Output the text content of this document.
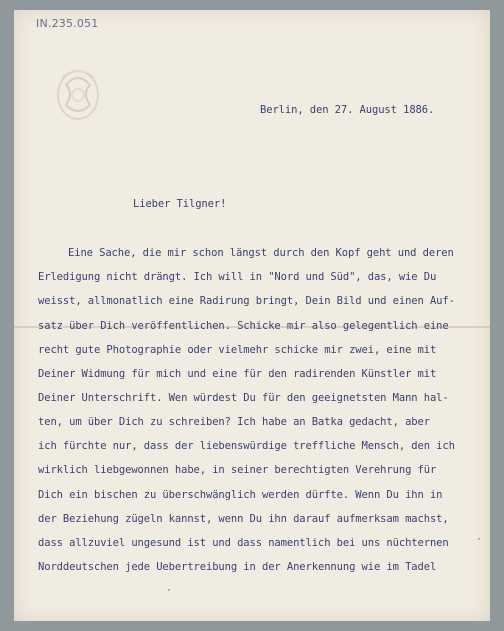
IN.235.051
Berlin, den 27. August 1886.
Lieber Tilgner!
Eine Sache, die mir schon längst durch den Kopf geht und deren
Erledigung nicht drängt. Ich will in "Nord und Süd", das, wie Du
weisst, allmonatlich eine Radirung bringt, Dein Bild und einen Auf-
satz über Dich veröffentlichen. Schicke mir also gelegentlich eine
recht gute Photographie oder vielmehr schicke mir zwei, eine mit
Deiner Widmung für mich und eine für den radirenden Künstler mit
Deiner Unterschrift. Wen würdest Du für den geeignetsten Mann hal-
ten, um über Dich zu schreiben? Ich habe an Batka gedacht, aber
ich fürchte nur, dass der liebenswürdige treffliche Mensch, den ich
wirklich liebgewonnen habe, in seiner berechtigten Verehrung für
Dich ein bischen zu überschwänglich werden dürfte. Wenn Du ihn in
der Beziehung zügeln kannst, wenn Du ihn darauf aufmerksam machst,
dass allzuviel ungesund ist und dass namentlich bei uns nüchternen
Norddeutschen jede Uebertreibung in der Anerkennung wie im Tadel
·
·
